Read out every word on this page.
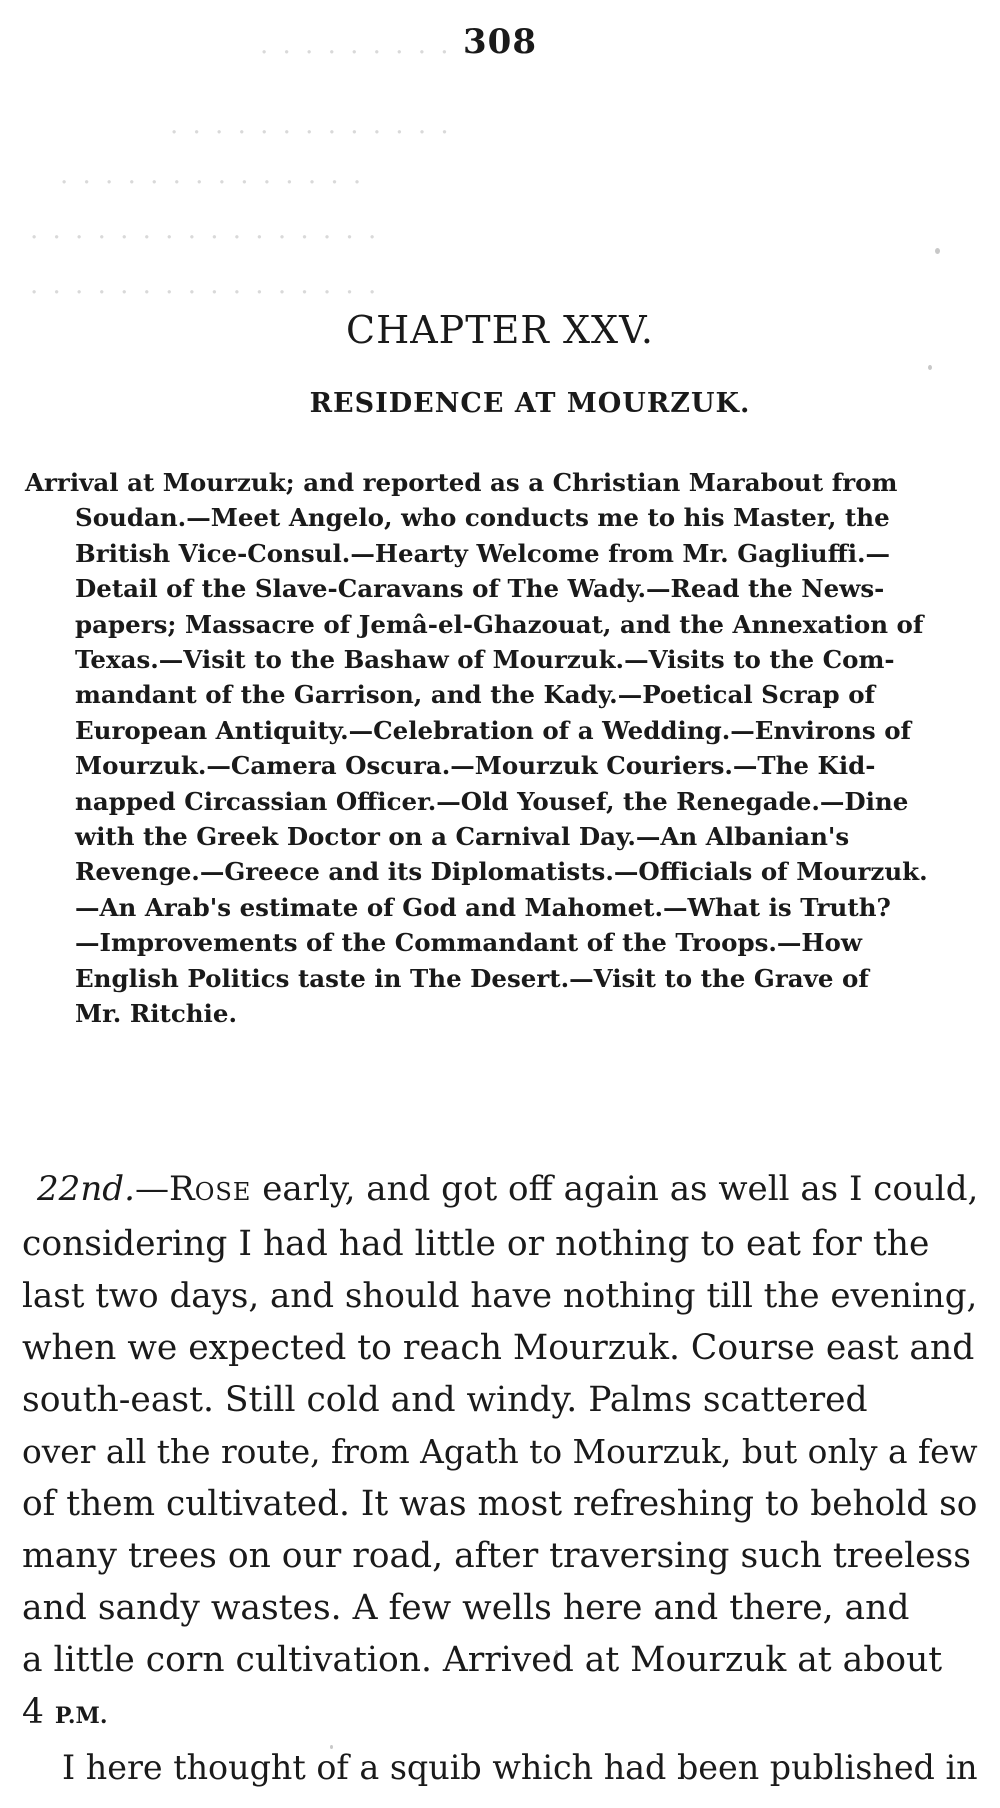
. . . . . . . . . .
. . . . . . . . . . . . .
. . . . . . . . . . . . . .
. . . . . . . . . . . . . . . .
. . . . . . . . . . . . . . . .
308
CHAPTER XXV.
RESIDENCE AT MOURZUK.
Arrival at Mourzuk; and reported as a Christian Marabout from
Soudan.—Meet Angelo, who conducts me to his Master, the
British Vice-Consul.—Hearty Welcome from Mr. Gagliuffi.—
Detail of the Slave-Caravans of The Wady.—Read the News-
papers; Massacre of Jemâ-el-Ghazouat, and the Annexation of
Texas.—Visit to the Bashaw of Mourzuk.—Visits to the Com-
mandant of the Garrison, and the Kady.—Poetical Scrap of
European Antiquity.—Celebration of a Wedding.—Environs of
Mourzuk.—Camera Oscura.—Mourzuk Couriers.—The Kid-
napped Circassian Officer.—Old Yousef, the Renegade.—Dine
with the Greek Doctor on a Carnival Day.—An Albanian's
Revenge.—Greece and its Diplomatists.—Officials of Mourzuk.
—An Arab's estimate of God and Mahomet.—What is Truth?
—Improvements of the Commandant of the Troops.—How
English Politics taste in The Desert.—Visit to the Grave of
Mr. Ritchie.
22nd.—ROSE early, and got off again as well as I could,
considering I had had little or nothing to eat for the
last two days, and should have nothing till the evening,
when we expected to reach Mourzuk. Course east and
south-east. Still cold and windy. Palms scattered
over all the route, from Agath to Mourzuk, but only a few
of them cultivated. It was most refreshing to behold so
many trees on our road, after traversing such treeless
and sandy wastes. A few wells here and there, and
a little corn cultivation. Arrived at Mourzuk at about
4 P.M.
I here thought of a squib which had been published in
